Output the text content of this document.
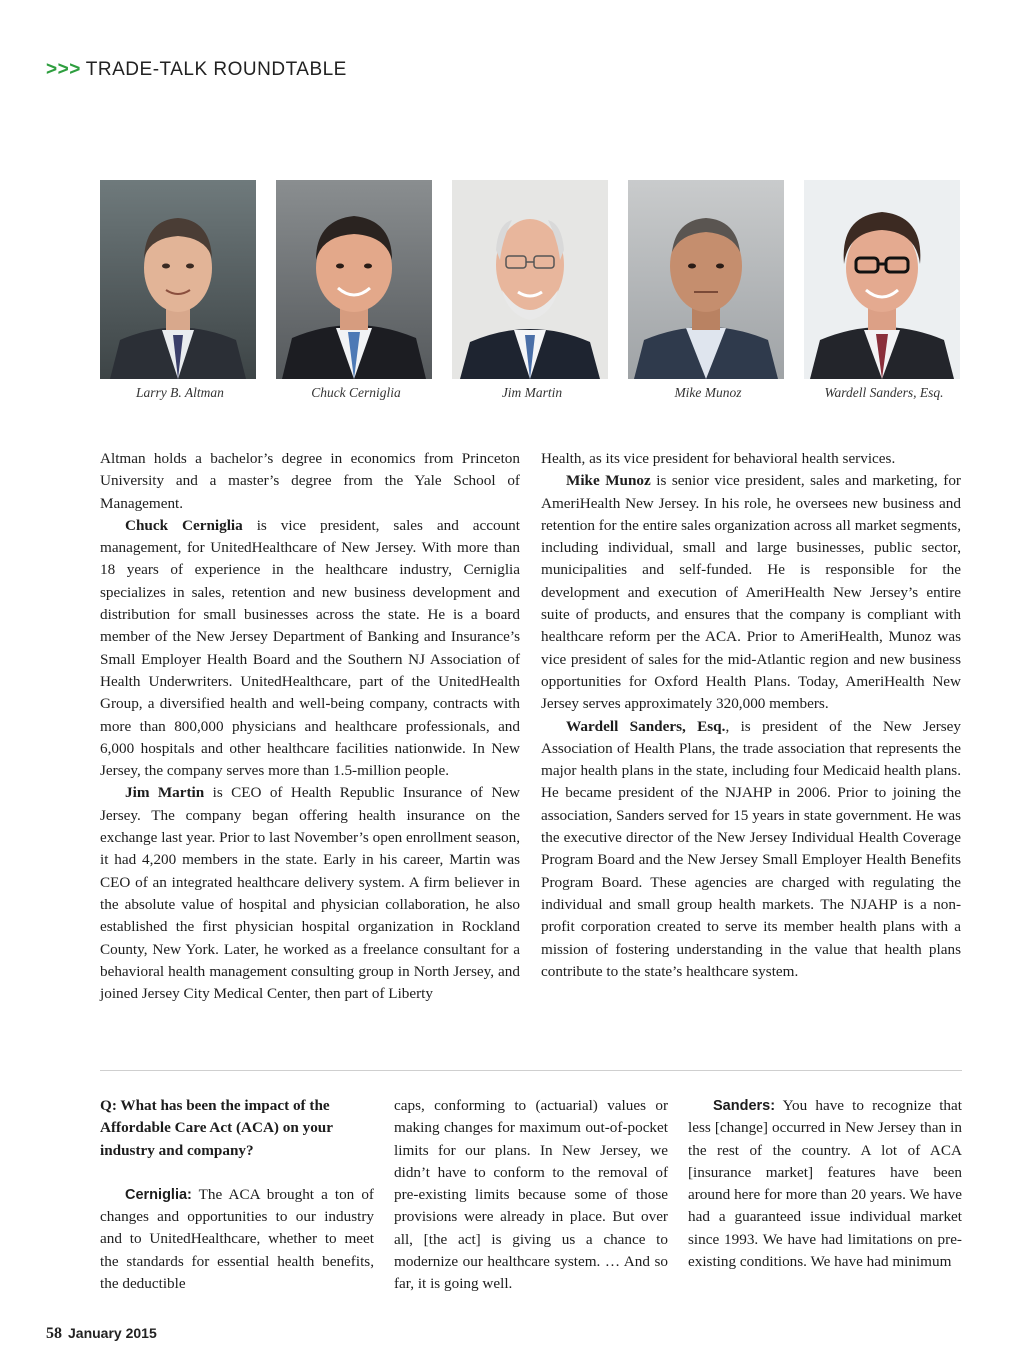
>>> TRADE-TALK ROUNDTABLE
Larry B. Altman	Chuck Cerniglia	Jim Martin	Mike Munoz	Wardell Sanders, Esq.

Altman holds a bachelor’s degree in economics from Princeton University and a master’s degree from the Yale School of Management.

Chuck Cerniglia is vice president, sales and account management, for UnitedHealthcare of New Jersey. With more than 18 years of experience in the healthcare industry, Cerniglia specializes in sales, retention and new business development and distribution for small businesses across the state. He is a board member of the New Jersey Department of Banking and Insurance’s Small Employer Health Board and the Southern NJ Association of Health Underwriters. UnitedHealthcare, part of the UnitedHealth Group, a diversified health and well-being company, contracts with more than 800,000 physicians and healthcare professionals, and 6,000 hospitals and other healthcare facilities nationwide. In New Jersey, the company serves more than 1.5-million people.

Jim Martin is CEO of Health Republic Insurance of New Jersey. The company began offering health insurance on the exchange last year. Prior to last November’s open enrollment season, it had 4,200 members in the state. Early in his career, Martin was CEO of an integrated healthcare delivery system. A firm believer in the absolute value of hospital and physician collaboration, he also established the first physician hospital organization in Rockland County, New York. Later, he worked as a freelance consultant for a behavioral health management consulting group in North Jersey, and joined Jersey City Medical Center, then part of Liberty

Health, as its vice president for behavioral health services.

Mike Munoz is senior vice president, sales and marketing, for AmeriHealth New Jersey. In his role, he oversees new business and retention for the entire sales organization across all market segments, including individual, small and large businesses, public sector, municipalities and self-funded. He is responsible for the development and execution of AmeriHealth New Jersey’s entire suite of products, and ensures that the company is compliant with healthcare reform per the ACA. Prior to AmeriHealth, Munoz was vice president of sales for the mid-Atlantic region and new business opportunities for Oxford Health Plans. Today, AmeriHealth New Jersey serves approximately 320,000 members.

Wardell Sanders, Esq., is president of the New Jersey Association of Health Plans, the trade association that represents the major health plans in the state, including four Medicaid health plans. He became president of the NJAHP in 2006. Prior to joining the association, Sanders served for 15 years in state government. He was the executive director of the New Jersey Individual Health Coverage Program Board and the New Jersey Small Employer Health Benefits Program Board. These agencies are charged with regulating the individual and small group health markets. The NJAHP is a non-profit corporation created to serve its member health plans with a mission of fostering understanding in the value that health plans contribute to the state’s healthcare system.

Q: What has been the impact of the Affordable Care Act (ACA) on your industry and company?

Cerniglia: The ACA brought a ton of changes and opportunities to our industry and to UnitedHealthcare, whether to meet the standards for essential health benefits, the deductible

caps, conforming to (actuarial) values or making changes for maximum out-of-pocket limits for our plans. In New Jersey, we didn’t have to conform to the removal of pre-existing limits because some of those provisions were already in place. But over all, [the act] is giving us a chance to modernize our healthcare system. … And so far, it is going well.

Sanders: You have to recognize that less [change] occurred in New Jersey than in the rest of the country. A lot of ACA [insurance market] features have been around here for more than 20 years. We have had a guaranteed issue individual market since 1993. We have had limitations on pre-existing conditions. We have had minimum

58 January 2015
